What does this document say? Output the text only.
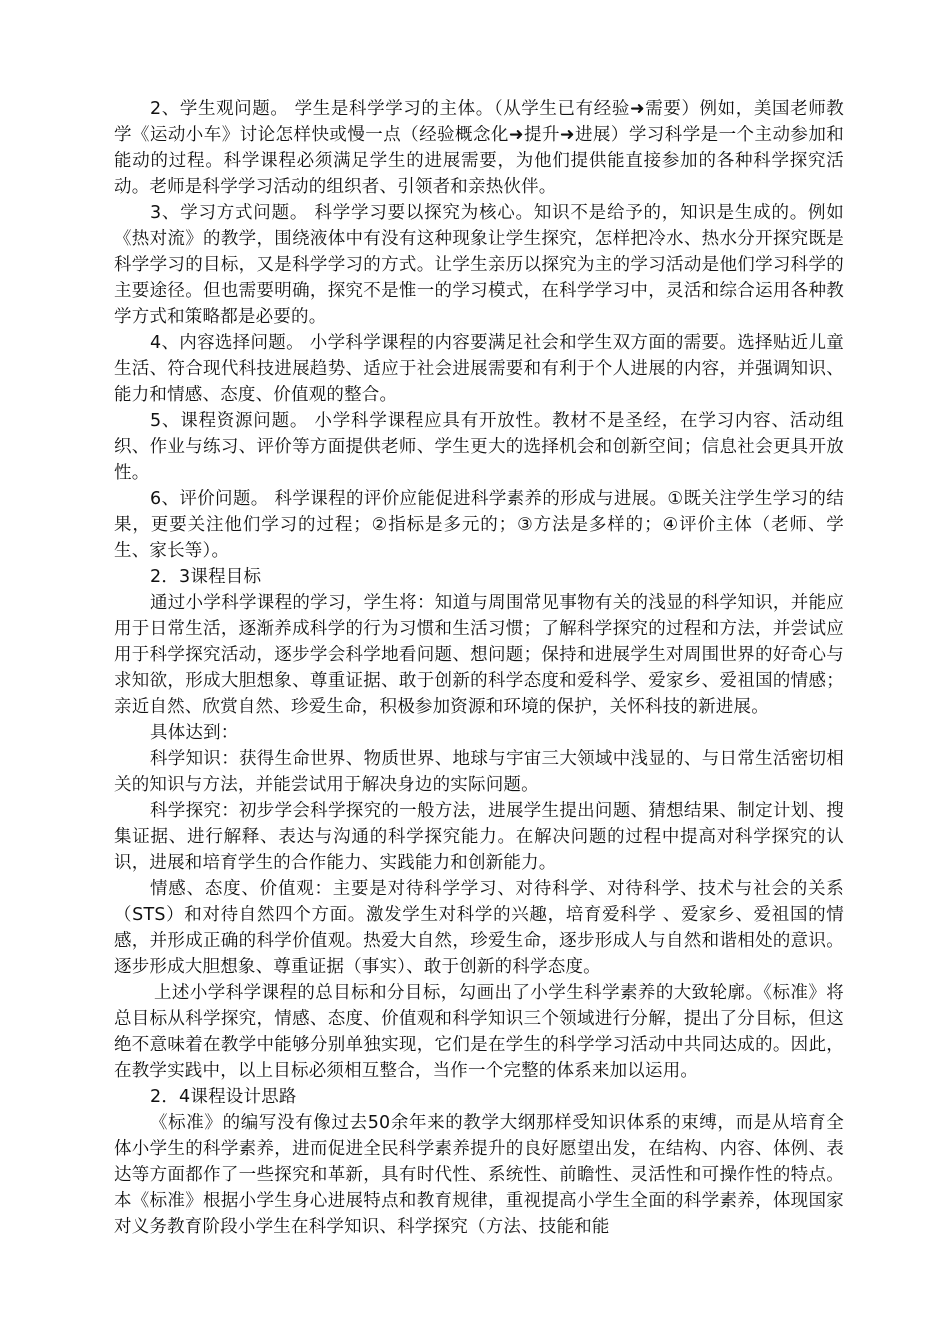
2、学生观问题。 学生是科学学习的主体。（从学生已有经验➜需要）例如，美国老师教学《运动小车》讨论怎样快或慢一点（经验概念化➜提升➜进展）学习科学是一个主动参加和能动的过程。科学课程必须满足学生的进展需要，为他们提供能直接参加的各种科学探究活动。老师是科学学习活动的组织者、引领者和亲热伙伴。

3、学习方式问题。 科学学习要以探究为核心。知识不是给予的，知识是生成的。例如《热对流》的教学，围绕液体中有没有这种现象让学生探究，怎样把冷水、热水分开探究既是科学学习的目标，又是科学学习的方式。让学生亲历以探究为主的学习活动是他们学习科学的主要途径。但也需要明确，探究不是惟一的学习模式，在科学学习中，灵活和综合运用各种教学方式和策略都是必要的。

4、内容选择问题。 小学科学课程的内容要满足社会和学生双方面的需要。选择贴近儿童生活、符合现代科技进展趋势、适应于社会进展需要和有利于个人进展的内容，并强调知识、能力和情感、态度、价值观的整合。

5、课程资源问题。 小学科学课程应具有开放性。教材不是圣经，在学习内容、活动组织、作业与练习、评价等方面提供老师、学生更大的选择机会和创新空间；信息社会更具开放性。

6、评价问题。 科学课程的评价应能促进科学素养的形成与进展。①既关注学生学习的结果，更要关注他们学习的过程；②指标是多元的；③方法是多样的；④评价主体（老师、学生、家长等）。

2．3课程目标

通过小学科学课程的学习，学生将：知道与周围常见事物有关的浅显的科学知识，并能应用于日常生活，逐渐养成科学的行为习惯和生活习惯；了解科学探究的过程和方法，并尝试应用于科学探究活动，逐步学会科学地看问题、想问题；保持和进展学生对周围世界的好奇心与求知欲，形成大胆想象、尊重证据、敢于创新的科学态度和爱科学、爱家乡、爱祖国的情感；亲近自然、欣赏自然、珍爱生命，积极参加资源和环境的保护，关怀科技的新进展。

具体达到：

科学知识：获得生命世界、物质世界、地球与宇宙三大领域中浅显的、与日常生活密切相关的知识与方法，并能尝试用于解决身边的实际问题。

科学探究：初步学会科学探究的一般方法，进展学生提出问题、猜想结果、制定计划、搜集证据、进行解释、表达与沟通的科学探究能力。在解决问题的过程中提高对科学探究的认识，进展和培育学生的合作能力、实践能力和创新能力。

情感、态度、价值观：主要是对待科学学习、对待科学、对待科学、技术与社会的关系（STS）和对待自然四个方面。激发学生对科学的兴趣，培育爱科学 、爱家乡、爱祖国的情感，并形成正确的科学价值观。热爱大自然，珍爱生命，逐步形成人与自然和谐相处的意识。逐步形成大胆想象、尊重证据（事实）、敢于创新的科学态度。

上述小学科学课程的总目标和分目标，勾画出了小学生科学素养的大致轮廓。《标准》将总目标从科学探究，情感、态度、价值观和科学知识三个领域进行分解，提出了分目标，但这绝不意味着在教学中能够分别单独实现，它们是在学生的科学学习活动中共同达成的。因此，在教学实践中，以上目标必须相互整合，当作一个完整的体系来加以运用。

2．4课程设计思路

《标准》的编写没有像过去50余年来的教学大纲那样受知识体系的束缚，而是从培育全体小学生的科学素养，进而促进全民科学素养提升的良好愿望出发，在结构、内容、体例、表达等方面都作了一些探究和革新，具有时代性、系统性、前瞻性、灵活性和可操作性的特点。本《标准》根据小学生身心进展特点和教育规律，重视提高小学生全面的科学素养，体现国家对义务教育阶段小学生在科学知识、科学探究（方法、技能和能
